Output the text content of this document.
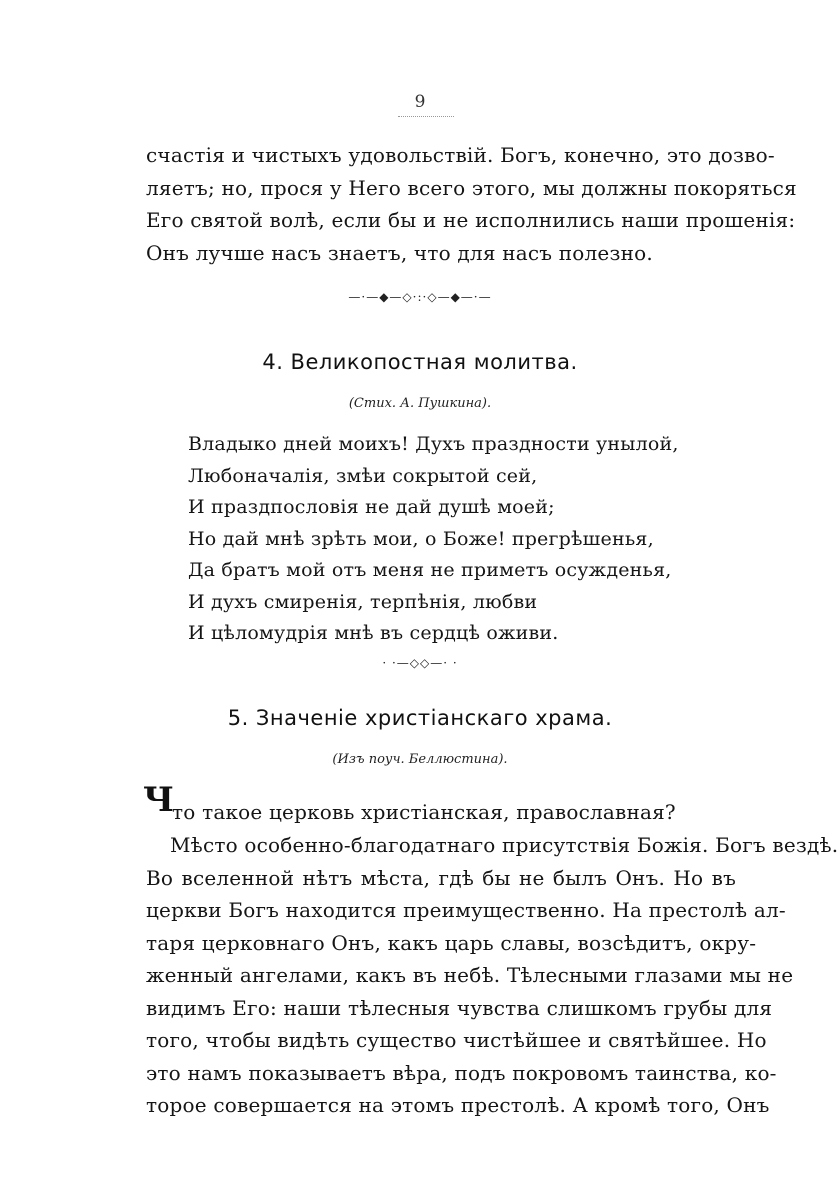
9
счастія и чистыхъ удовольствій. Богъ, конечно, это дозво-
ляетъ; но, прося у Него всего этого, мы должны покоряться
Его святой волѣ, если бы и не исполнились наши прошенія:
Онъ лучше насъ знаетъ, что для насъ полезно.
—·—◆—◇·:·◇—◆—·—
4. Великопостная молитва.
(Стих. А. Пушкина).
Владыко дней моихъ! Духъ праздности унылой,
Любоначалія, змѣи сокрытой сей,
И праздпословія не дай душѣ моей;
Но дай мнѣ зрѣть мои, о Боже! прегрѣшенья,
Да братъ мой отъ меня не приметъ осужденья,
И духъ смиренія, терпѣнія, любви
И цѣломудрія мнѣ въ сердцѣ оживи.
· ·—◇◇—· ·
5. Значеніе христіанскаго храма.
(Изъ поуч. Беллюстина).
Ч
то такое церковь христіанская, православная?
Мѣсто особенно-благодатнаго присутствія Божія. Богъ вездѣ.
Во вселенной нѣтъ мѣста, гдѣ бы не былъ Онъ. Но въ
церкви Богъ находится преимущественно. На престолѣ ал-
таря церковнаго Онъ, какъ царь славы, возсѣдитъ, окру-
женный ангелами, какъ въ небѣ. Тѣлесными глазами мы не
видимъ Его: наши тѣлесныя чувства слишкомъ грубы для
того, чтобы видѣть существо чистѣйшее и святѣйшее. Но
это намъ показываетъ вѣра, подъ покровомъ таинства, ко-
торое совершается на этомъ престолѣ. А кромѣ того, Онъ
